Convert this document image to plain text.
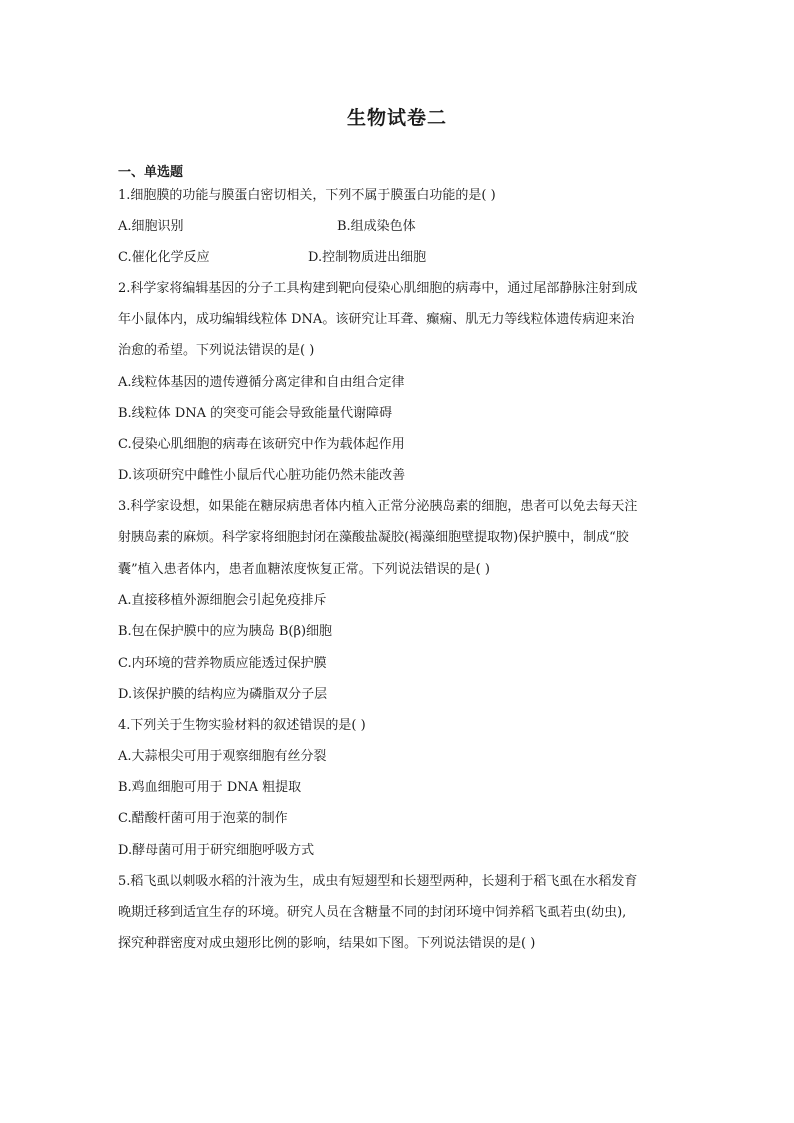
生物试卷二
一、单选题
1.细胞膜的功能与膜蛋白密切相关，下列不属于膜蛋白功能的是( )
A.细胞识别	B.组成染色体
C.催化化学反应	D.控制物质进出细胞
2.科学家将编辑基因的分子工具构建到靶向侵染心肌细胞的病毒中，通过尾部静脉注射到成
年小鼠体内，成功编辑线粒体 DNA。该研究让耳聋、癫痫、肌无力等线粒体遗传病迎来治
治愈的希望。下列说法错误的是( )
A.线粒体基因的遗传遵循分离定律和自由组合定律
B.线粒体 DNA 的突变可能会导致能量代谢障碍
C.侵染心肌细胞的病毒在该研究中作为载体起作用
D.该项研究中雌性小鼠后代心脏功能仍然未能改善
3.科学家设想，如果能在糖尿病患者体内植入正常分泌胰岛素的细胞，患者可以免去每天注
射胰岛素的麻烦。科学家将细胞封闭在藻酸盐凝胶(褐藻细胞壁提取物)保护膜中，制成“胶
囊”植入患者体内，患者血糖浓度恢复正常。下列说法错误的是( )
A.直接移植外源细胞会引起免疫排斥
B.包在保护膜中的应为胰岛 B(β)细胞
C.内环境的营养物质应能透过保护膜
D.该保护膜的结构应为磷脂双分子层
4.下列关于生物实验材料的叙述错误的是( )
A.大蒜根尖可用于观察细胞有丝分裂
B.鸡血细胞可用于 DNA 粗提取
C.醋酸杆菌可用于泡菜的制作
D.酵母菌可用于研究细胞呼吸方式
5.稻飞虱以刺吸水稻的汁液为生，成虫有短翅型和长翅型两种，长翅利于稻飞虱在水稻发育
晚期迁移到适宜生存的环境。研究人员在含糖量不同的封闭环境中饲养稻飞虱若虫(幼虫),
探究种群密度对成虫翅形比例的影响，结果如下图。下列说法错误的是( )
